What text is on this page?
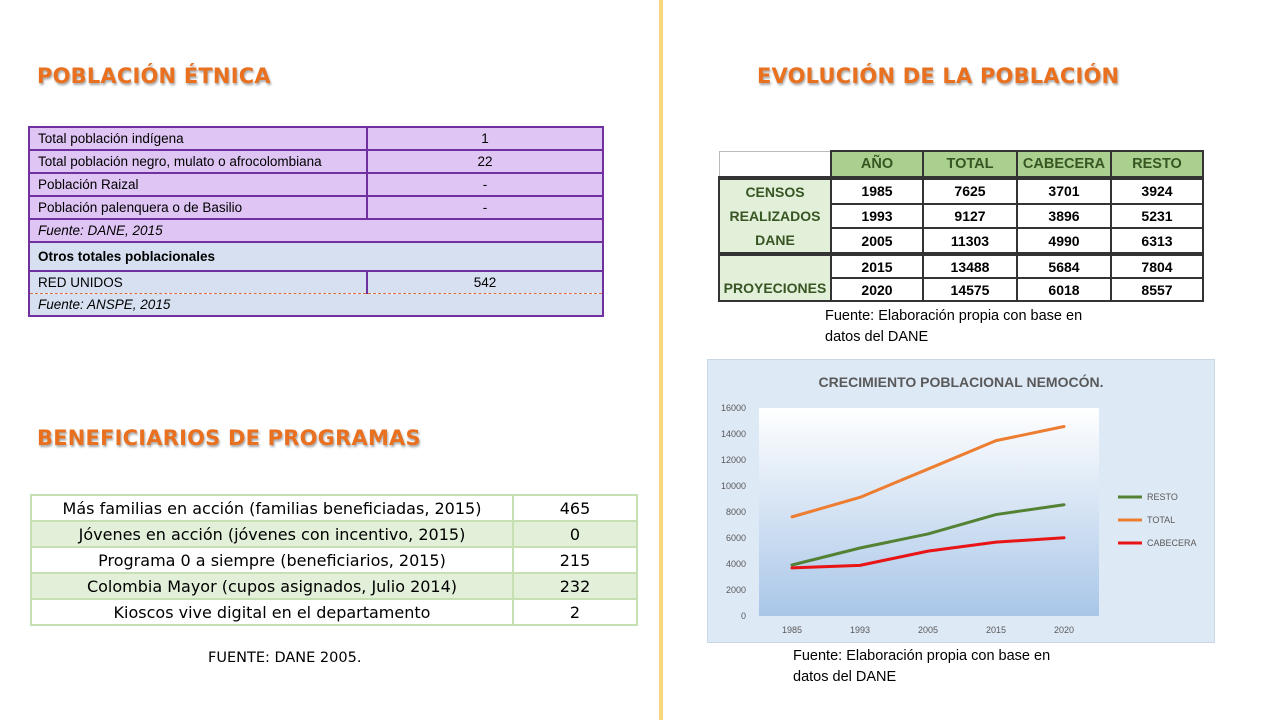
POBLACIÓN ÉTNICA
Total población indígena	1
Total población negro, mulato o afrocolombiana	22
Población Raizal	-
Población palenquera o de Basilio	-
Fuente: DANE, 2015	
Otros totales poblacionales	
RED UNIDOS	542
Fuente: ANSPE, 2015	
BENEFICIARIOS DE PROGRAMAS
Más familias en acción (familias beneficiadas, 2015)	465
Jóvenes en acción (jóvenes con incentivo, 2015)	0
Programa 0 a siempre (beneficiarios, 2015)	215
Colombia Mayor (cupos asignados, Julio 2014)	232
Kioscos vive digital en el departamento	2
FUENTE: DANE 2005.
EVOLUCIÓN DE LA POBLACIÓN
	AÑO	TOTAL	CABECERA	RESTO
CENSOS REALIZADOS DANE	1985	7625	3701	3924
	1993	9127	3896	5231
	2005	11303	4990	6313
PROYECIONES	2015	13488	5684	7804
	2020	14575	6018	8557
Fuente: Elaboración propia con base en datos del DANE
CRECIMIENTO POBLACIONAL NEMOCÓN.
0
2000
4000
6000
8000
10000
12000
14000
16000
1985	1993	2005	2015	2020
RESTO
TOTAL
CABECERA
Fuente: Elaboración propia con base en datos del DANE
